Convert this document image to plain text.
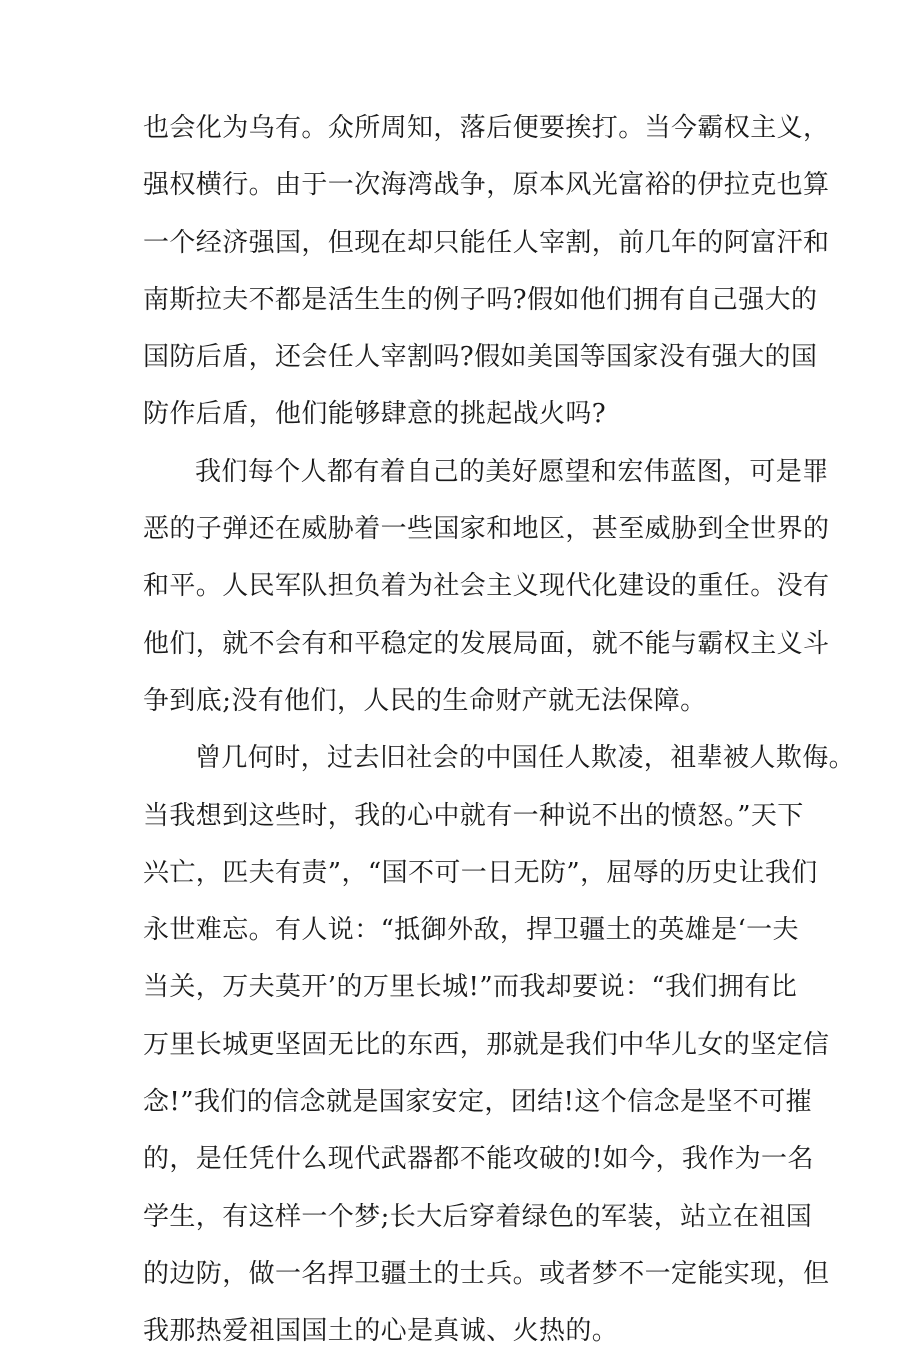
也会化为乌有。众所周知，落后便要挨打。当今霸权主义，
强权横行。由于一次海湾战争，原本风光富裕的伊拉克也算
一个经济强国，但现在却只能任人宰割，前几年的阿富汗和
南斯拉夫不都是活生生的例子吗?假如他们拥有自己强大的
国防后盾，还会任人宰割吗?假如美国等国家没有强大的国
防作后盾，他们能够肆意的挑起战火吗?
我们每个人都有着自己的美好愿望和宏伟蓝图，可是罪
恶的子弹还在威胁着一些国家和地区，甚至威胁到全世界的
和平。人民军队担负着为社会主义现代化建设的重任。没有
他们，就不会有和平稳定的发展局面，就不能与霸权主义斗
争到底;没有他们，人民的生命财产就无法保障。
曾几何时，过去旧社会的中国任人欺凌，祖辈被人欺侮。
当我想到这些时，我的心中就有一种说不出的愤怒。”天下
兴亡，匹夫有责”，“国不可一日无防”，屈辱的历史让我们
永世难忘。有人说：“抵御外敌，捍卫疆土的英雄是‘一夫
当关，万夫莫开’的万里长城!”而我却要说：“我们拥有比
万里长城更坚固无比的东西，那就是我们中华儿女的坚定信
念!”我们的信念就是国家安定，团结!这个信念是坚不可摧
的，是任凭什么现代武器都不能攻破的!如今，我作为一名
学生，有这样一个梦;长大后穿着绿色的军装，站立在祖国
的边防，做一名捍卫疆土的士兵。或者梦不一定能实现，但
我那热爱祖国国土的心是真诚、火热的。
